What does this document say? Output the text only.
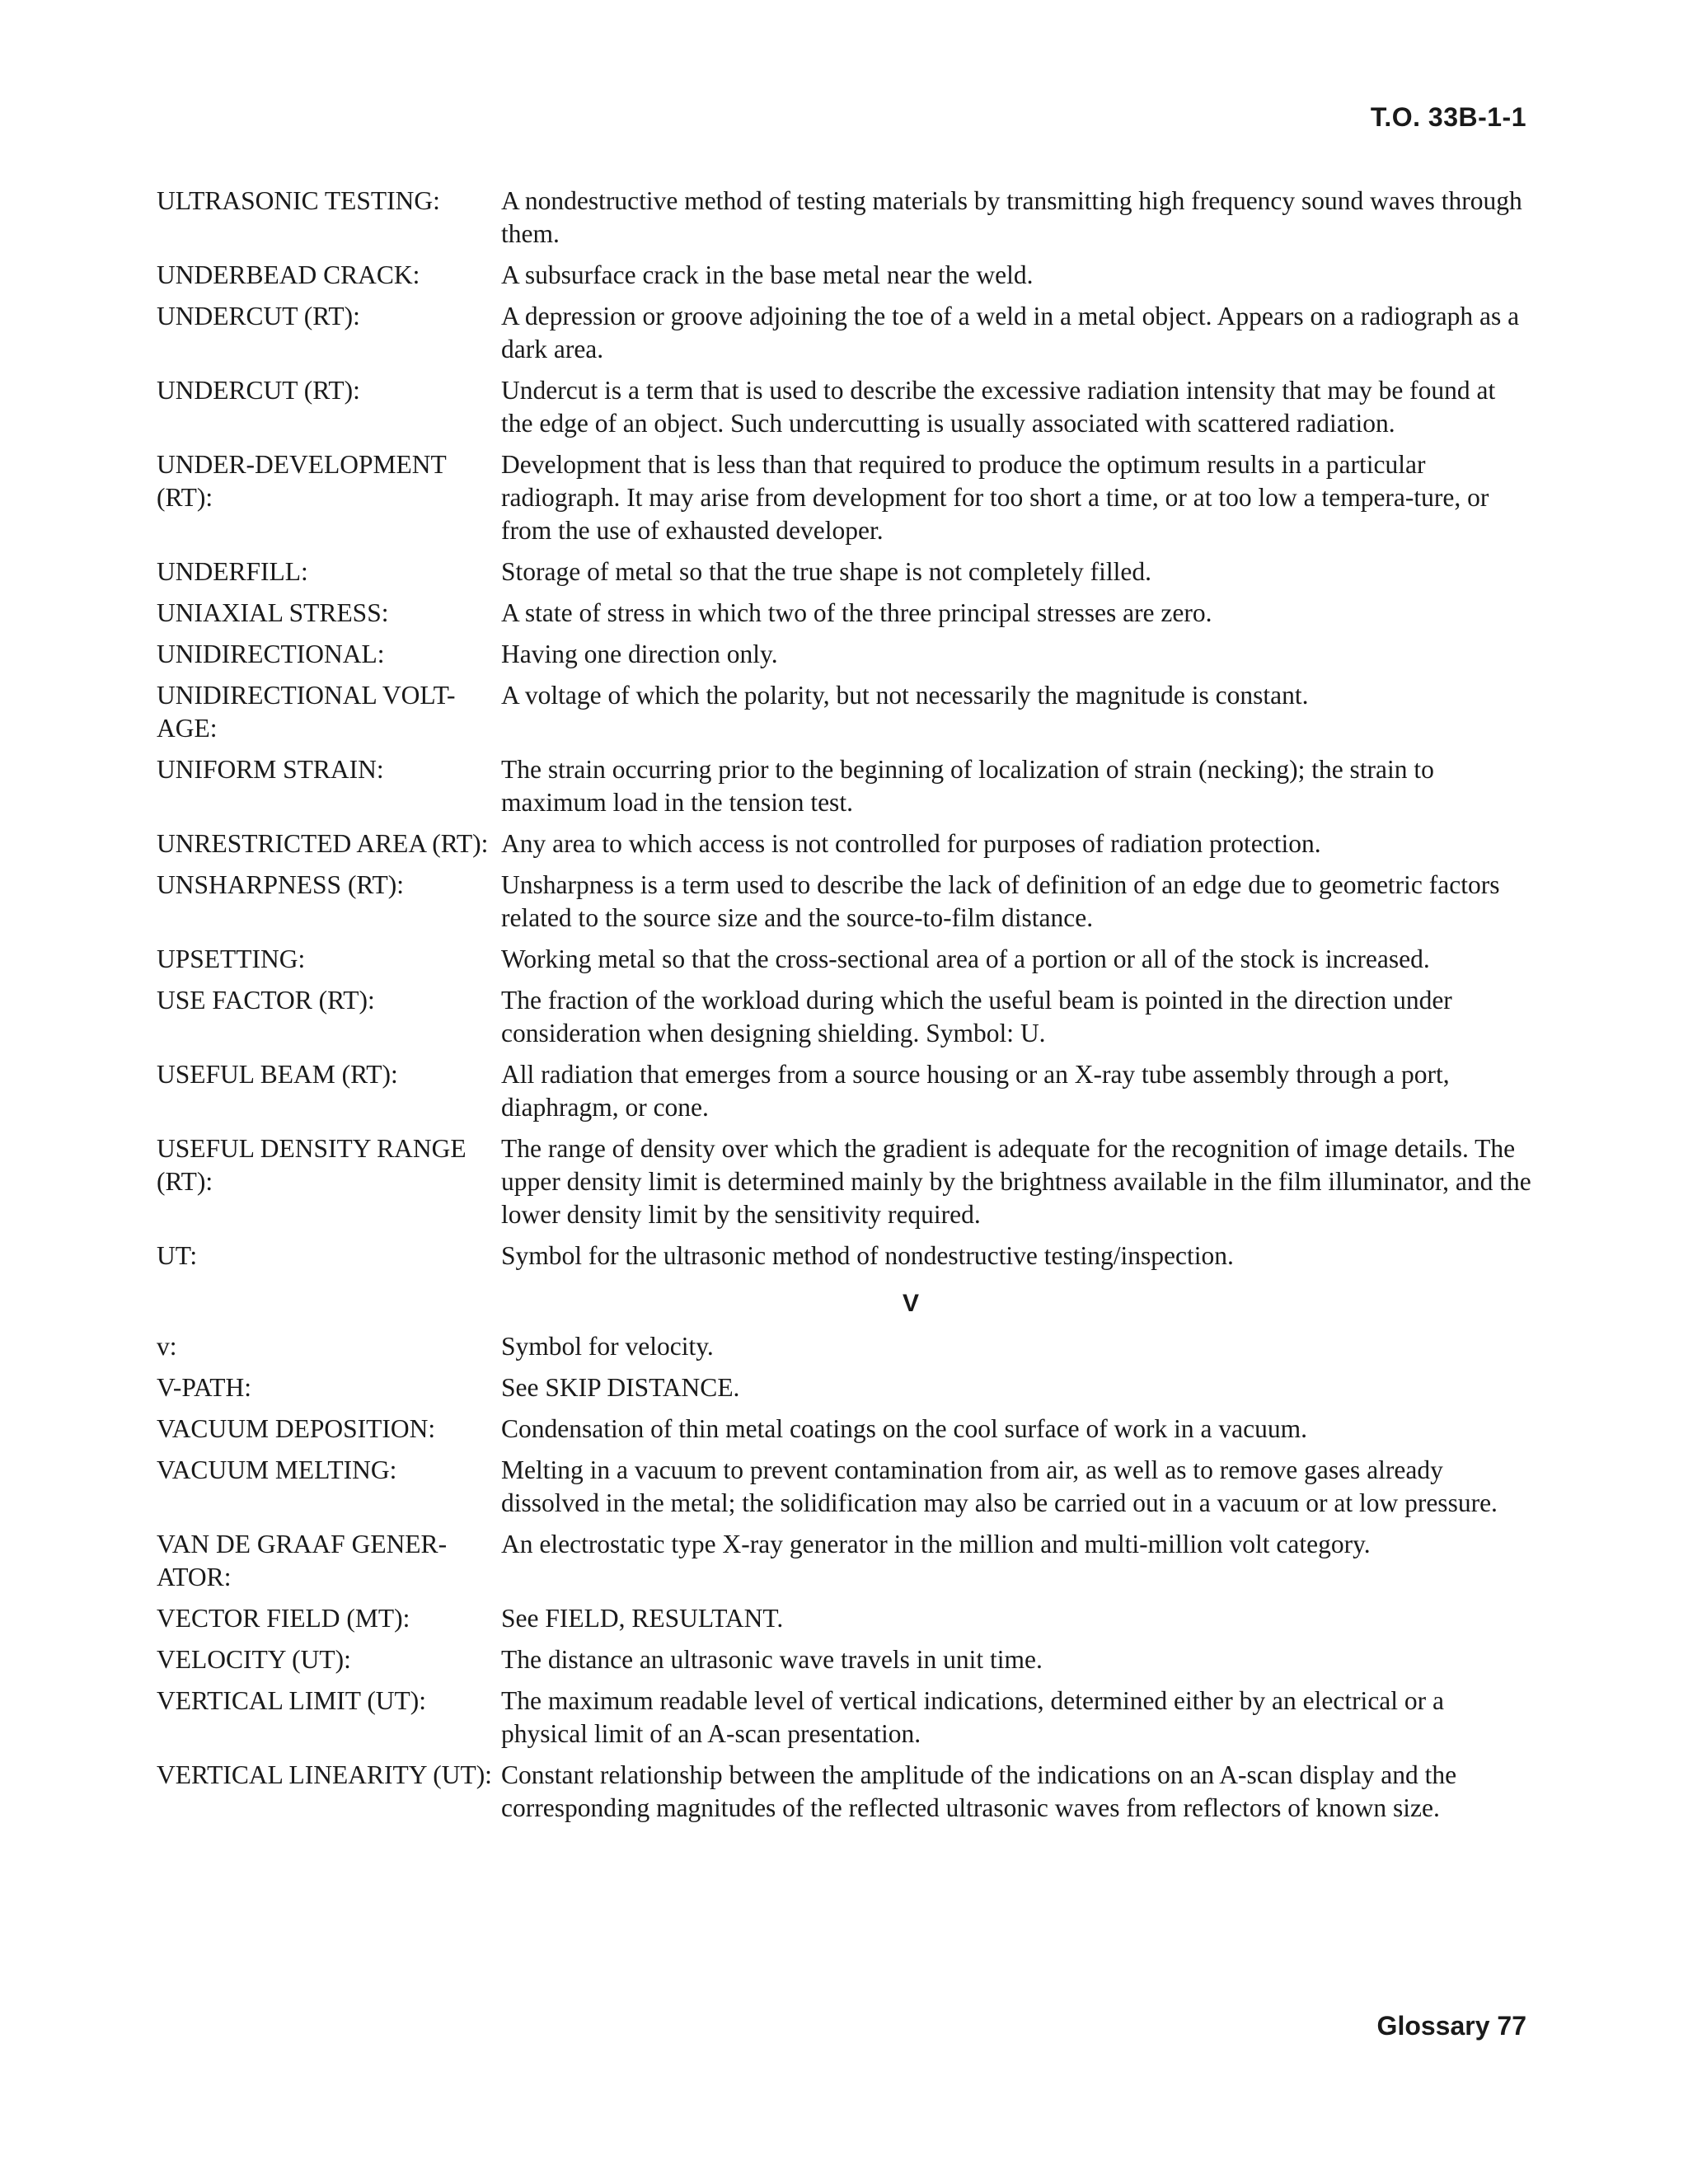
T.O. 33B-1-1
ULTRASONIC TESTING:	A nondestructive method of testing materials by transmitting high frequency sound waves through them.
UNDERBEAD CRACK:	A subsurface crack in the base metal near the weld.
UNDERCUT (RT):	A depression or groove adjoining the toe of a weld in a metal object. Appears on a radiograph as a dark area.
UNDERCUT (RT):	Undercut is a term that is used to describe the excessive radiation intensity that may be found at the edge of an object. Such undercutting is usually associated with scattered radiation.
UNDER-DEVELOPMENT (RT):
Development that is less than that required to produce the optimum results in a particular radiograph. It may arise from development for too short a time, or at too low a tempera-ture, or from the use of exhausted developer.
UNDERFILL:	Storage of metal so that the true shape is not completely filled.
UNIAXIAL STRESS:	A state of stress in which two of the three principal stresses are zero.
UNIDIRECTIONAL:	Having one direction only.
UNIDIRECTIONAL VOLT-AGE:
A voltage of which the polarity, but not necessarily the magnitude is constant.
UNIFORM STRAIN:	The strain occurring prior to the beginning of localization of strain (necking); the strain to maximum load in the tension test.
UNRESTRICTED AREA (RT): Any area to which access is not controlled for purposes of radiation protection.
UNSHARPNESS (RT):	Unsharpness is a term used to describe the lack of definition of an edge due to geometric factors related to the source size and the source-to-film distance.
UPSETTING:	Working metal so that the cross-sectional area of a portion or all of the stock is increased.
USE FACTOR (RT):	The fraction of the workload during which the useful beam is pointed in the direction under consideration when designing shielding. Symbol: U.
USEFUL BEAM (RT):	All radiation that emerges from a source housing or an X-ray tube assembly through a port, diaphragm, or cone.
USEFUL DENSITY RANGE (RT):
The range of density over which the gradient is adequate for the recognition of image details. The upper density limit is determined mainly by the brightness available in the film illuminator, and the lower density limit by the sensitivity required.
UT:	Symbol for the ultrasonic method of nondestructive testing/inspection.
V
v:	Symbol for velocity.
V-PATH:	See SKIP DISTANCE.
VACUUM DEPOSITION:	Condensation of thin metal coatings on the cool surface of work in a vacuum.
VACUUM MELTING:	Melting in a vacuum to prevent contamination from air, as well as to remove gases already dissolved in the metal; the solidification may also be carried out in a vacuum or at low pressure.
VAN DE GRAAF GENER-ATOR:
An electrostatic type X-ray generator in the million and multi-million volt category.
VECTOR FIELD (MT):	See FIELD, RESULTANT.
VELOCITY (UT):	The distance an ultrasonic wave travels in unit time.
VERTICAL LIMIT (UT):	The maximum readable level of vertical indications, determined either by an electrical or a physical limit of an A-scan presentation.
VERTICAL LINEARITY (UT): Constant relationship between the amplitude of the indications on an A-scan display and the corresponding magnitudes of the reflected ultrasonic waves from reflectors of known size.
Glossary 77
